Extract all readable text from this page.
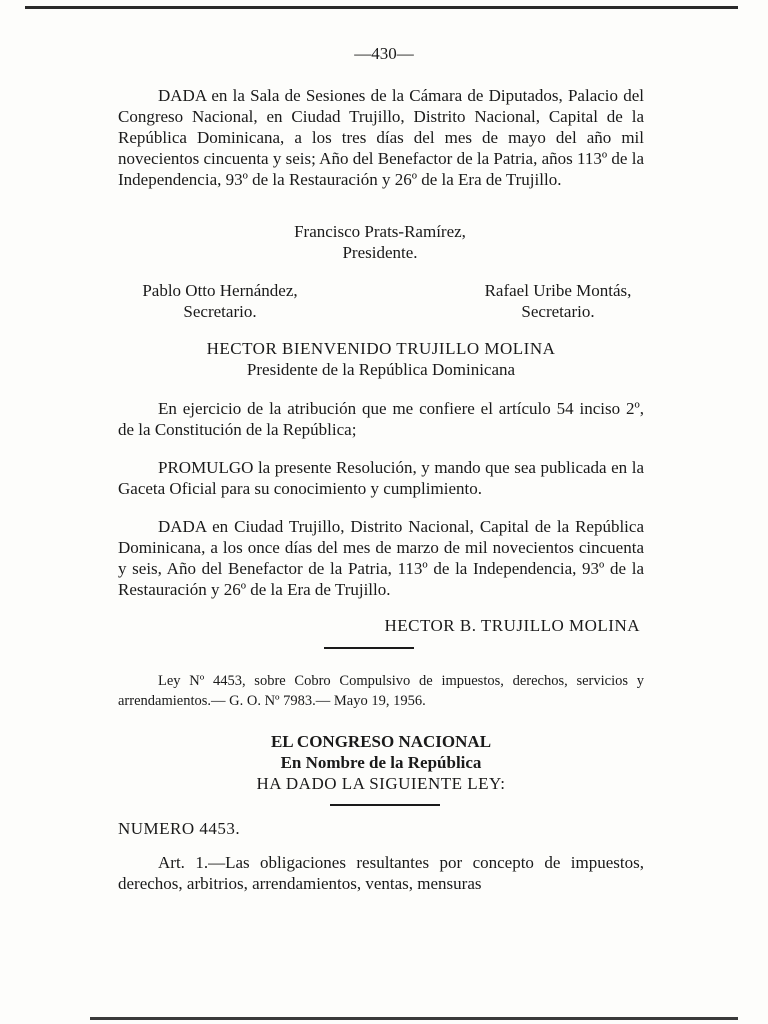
—430—
DADA en la Sala de Sesiones de la Cámara de Diputados, Palacio del Congreso Nacional, en Ciudad Trujillo, Distrito Nacional, Capital de la República Dominicana, a los tres días del mes de mayo del año mil novecientos cincuenta y seis; Año del Benefactor de la Patria, años 113º de la Independencia, 93º de la Restauración y 26º de la Era de Trujillo.
Francisco Prats-Ramírez,
Presidente.
Pablo Otto Hernández,
Secretario.
Rafael Uribe Montás,
Secretario.
HECTOR BIENVENIDO TRUJILLO MOLINA
Presidente de la República Dominicana
En ejercicio de la atribución que me confiere el artículo 54 inciso 2º, de la Constitución de la República;
PROMULGO la presente Resolución, y mando que sea publicada en la Gaceta Oficial para su conocimiento y cumplimiento.
DADA en Ciudad Trujillo, Distrito Nacional, Capital de la República Dominicana, a los once días del mes de marzo de mil novecientos cincuenta y seis, Año del Benefactor de la Patria, 113º de la Independencia, 93º de la Restauración y 26º de la Era de Trujillo.
HECTOR B. TRUJILLO MOLINA
Ley Nº 4453, sobre Cobro Compulsivo de impuestos, derechos, servicios y arrendamientos.— G. O. Nº 7983.— Mayo 19, 1956.
EL CONGRESO NACIONAL
En Nombre de la República
HA DADO LA SIGUIENTE LEY:
NUMERO 4453.
Art. 1.—Las obligaciones resultantes por concepto de impuestos, derechos, arbitrios, arrendamientos, ventas, mensuras
